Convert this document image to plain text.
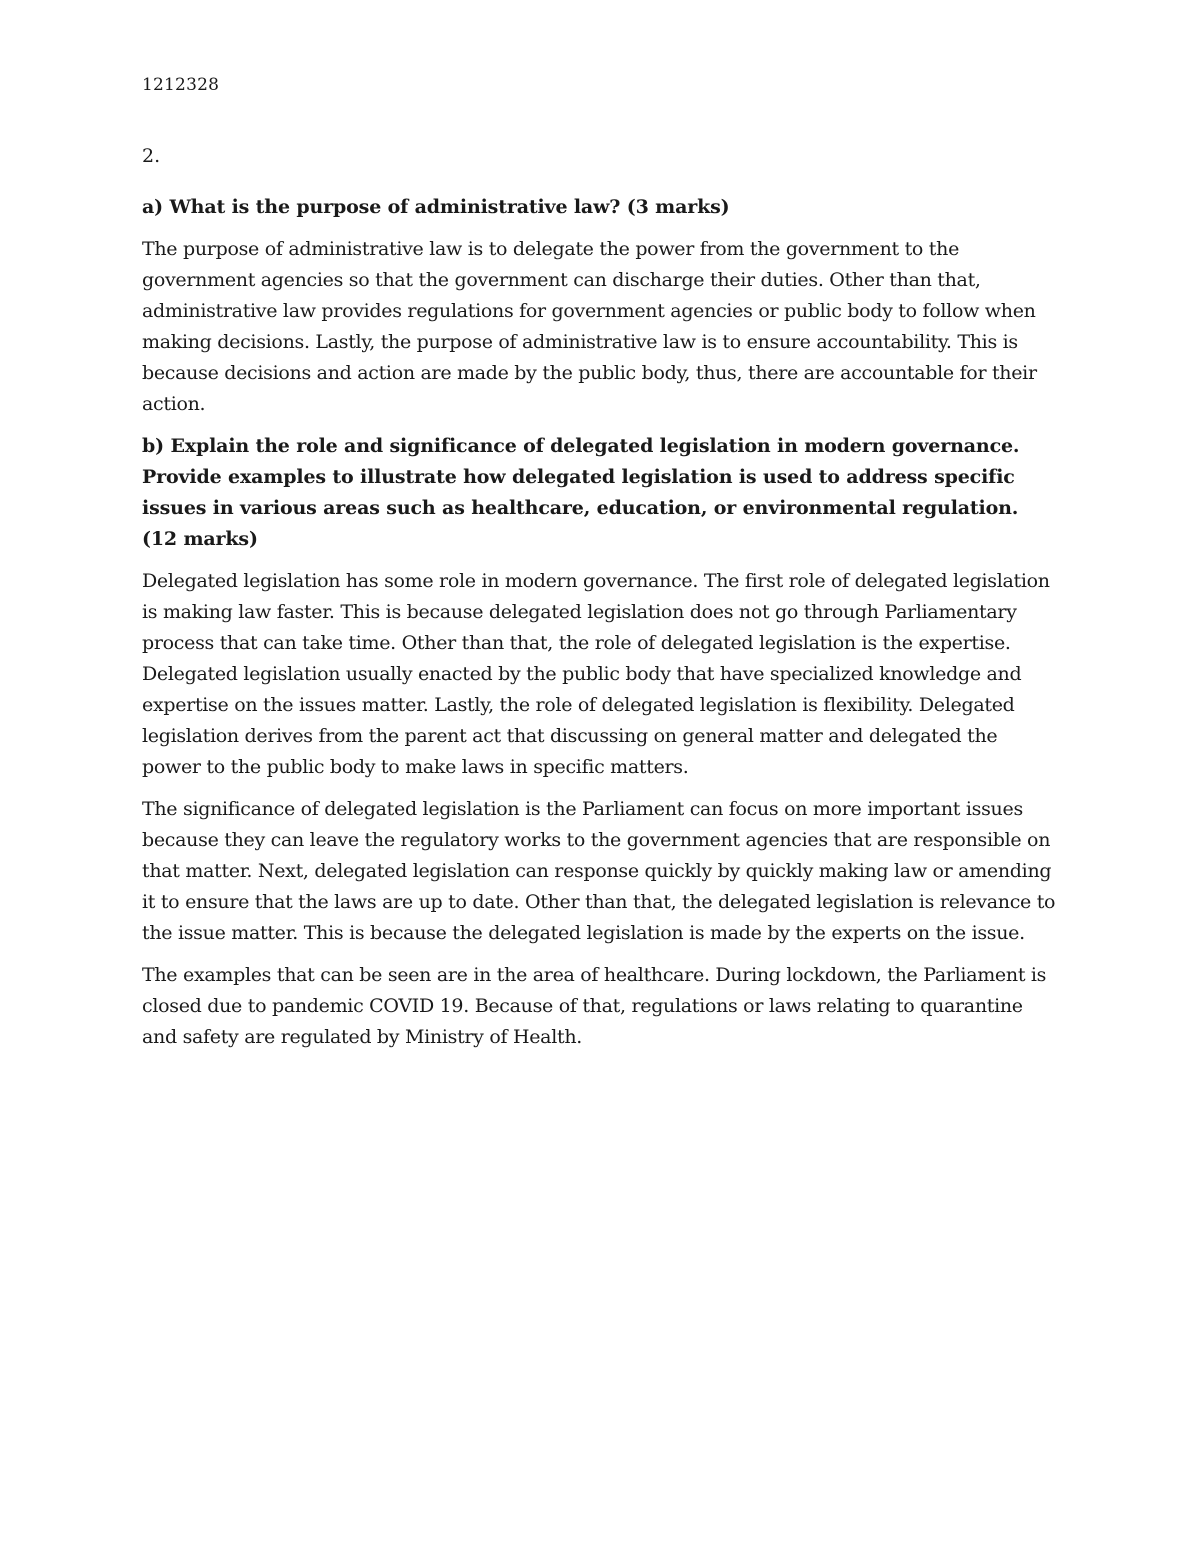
1212328

2.

a) What is the purpose of administrative law? (3 marks)

The purpose of administrative law is to delegate the power from the government to the government agencies so that the government can discharge their duties. Other than that, administrative law provides regulations for government agencies or public body to follow when making decisions. Lastly, the purpose of administrative law is to ensure accountability. This is because decisions and action are made by the public body, thus, there are accountable for their action.

b) Explain the role and significance of delegated legislation in modern governance. Provide examples to illustrate how delegated legislation is used to address specific issues in various areas such as healthcare, education, or environmental regulation. (12 marks)

Delegated legislation has some role in modern governance. The first role of delegated legislation is making law faster. This is because delegated legislation does not go through Parliamentary process that can take time. Other than that, the role of delegated legislation is the expertise. Delegated legislation usually enacted by the public body that have specialized knowledge and expertise on the issues matter. Lastly, the role of delegated legislation is flexibility. Delegated legislation derives from the parent act that discussing on general matter and delegated the power to the public body to make laws in specific matters.

The significance of delegated legislation is the Parliament can focus on more important issues because they can leave the regulatory works to the government agencies that are responsible on that matter. Next, delegated legislation can response quickly by quickly making law or amending it to ensure that the laws are up to date. Other than that, the delegated legislation is relevance to the issue matter. This is because the delegated legislation is made by the experts on the issue.

The examples that can be seen are in the area of healthcare. During lockdown, the Parliament is closed due to pandemic COVID 19. Because of that, regulations or laws relating to quarantine and safety are regulated by Ministry of Health.
